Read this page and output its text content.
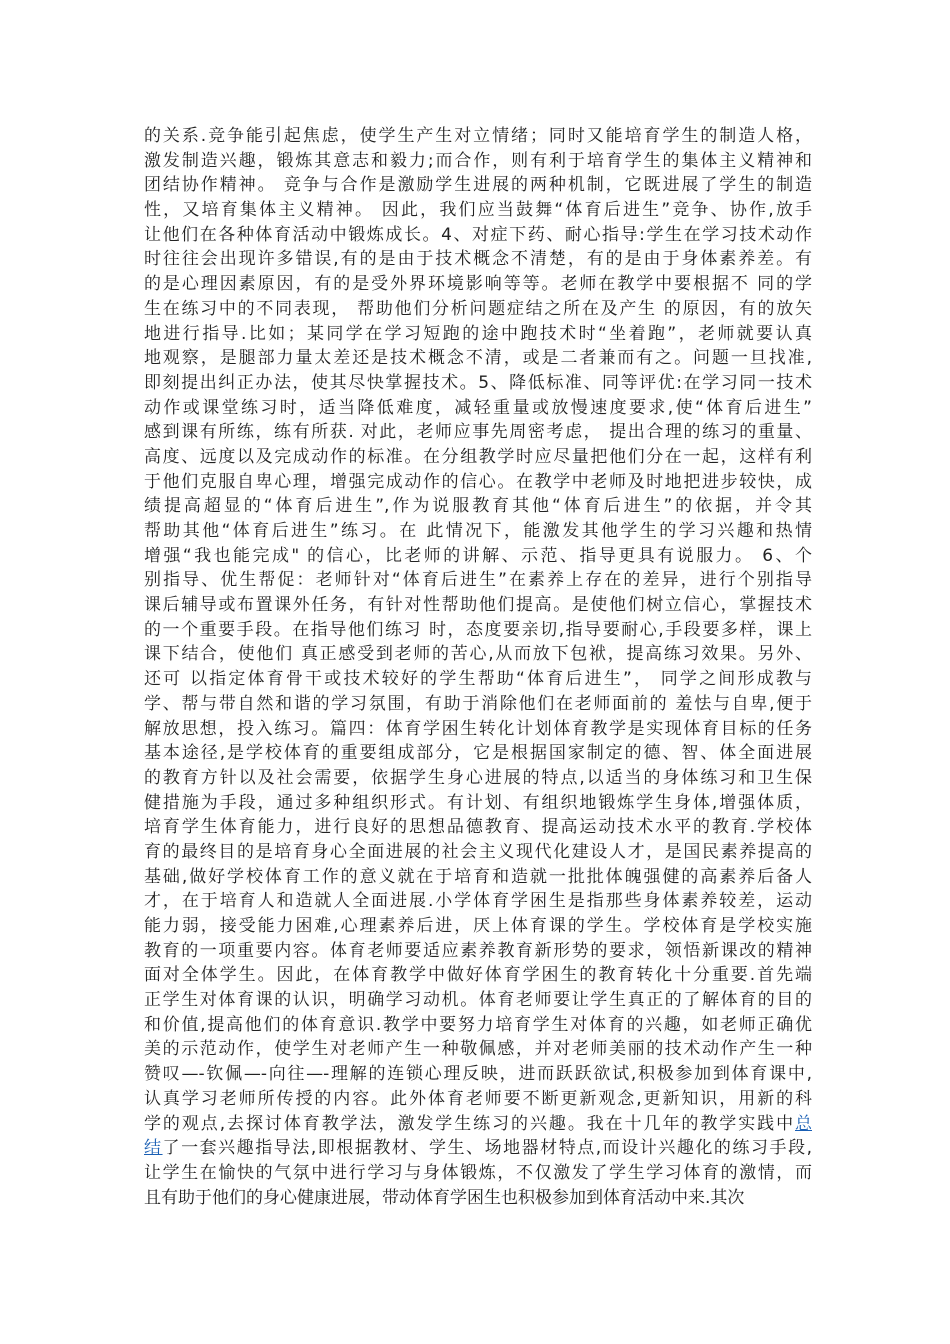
的关系.竞争能引起焦虑，使学生产生对立情绪；同时又能培育学生的制造人格，
激发制造兴趣，锻炼其意志和毅力;而合作，则有利于培育学生的集体主义精神和
团结协作精神。 竞争与合作是激励学生进展的两种机制，它既进展了学生的制造
性，又培育集体主义精神。 因此，我们应当鼓舞“体育后进生”竞争、协作,放手
让他们在各种体育活动中锻炼成长。4、对症下药、耐心指导:学生在学习技术动作
时往往会出现许多错误,有的是由于技术概念不清楚，有的是由于身体素养差。有
的是心理因素原因，有的是受外界环境影响等等。老师在教学中要根据不 同的学
生在练习中的不同表现， 帮助他们分析问题症结之所在及产生 的原因，有的放矢
地进行指导.比如；某同学在学习短跑的途中跑技术时“坐着跑”，老师就要认真
地观察，是腿部力量太差还是技术概念不清，或是二者兼而有之。问题一旦找准,
即刻提出纠正办法，使其尽快掌握技术。5、降低标准、同等评优:在学习同一技术
动作或课堂练习时，适当降低难度，减轻重量或放慢速度要求,使“体育后进生”
感到课有所练，练有所获. 对此，老师应事先周密考虑， 提出合理的练习的重量、
高度、远度以及完成动作的标准。在分组教学时应尽量把他们分在一起，这样有利
于他们克服自卑心理，增强完成动作的信心。在教学中老师及时地把进步较快，成
绩提高超显的“体育后进生”,作为说服教育其他“体育后进生”的依据，并令其
帮助其他“体育后进生”练习。在 此情况下，能激发其他学生的学习兴趣和热情
增强“我也能完成" 的信心，比老师的讲解、示范、指导更具有说服力。 6、个
别指导、优生帮促：老师针对“体育后进生”在素养上存在的差异，进行个别指导
课后辅导或布置课外任务，有针对性帮助他们提高。是使他们树立信心，掌握技术
的一个重要手段。在指导他们练习 时，态度要亲切,指导要耐心,手段要多样，课上
课下结合，使他们 真正感受到老师的苦心,从而放下包袱，提高练习效果。另外、
还可 以指定体育骨干或技术较好的学生帮助“体育后进生”， 同学之间形成教与
学、帮与带自然和谐的学习氛围，有助于消除他们在老师面前的 羞怯与自卑,便于
解放思想，投入练习。篇四：体育学困生转化计划体育教学是实现体育目标的任务
基本途径,是学校体育的重要组成部分，它是根据国家制定的德、智、体全面进展
的教育方针以及社会需要，依据学生身心进展的特点,以适当的身体练习和卫生保
健措施为手段，通过多种组织形式。有计划、有组织地锻炼学生身体,增强体质，
培育学生体育能力，进行良好的思想品德教育、提高运动技术水平的教育.学校体
育的最终目的是培育身心全面进展的社会主义现代化建设人才，是国民素养提高的
基础,做好学校体育工作的意义就在于培育和造就一批批体魄强健的高素养后备人
才，在于培育人和造就人全面进展.小学体育学困生是指那些身体素养较差，运动
能力弱，接受能力困难,心理素养后进，厌上体育课的学生。学校体育是学校实施
教育的一项重要内容。体育老师要适应素养教育新形势的要求，领悟新课改的精神
面对全体学生。因此，在体育教学中做好体育学困生的教育转化十分重要.首先端
正学生对体育课的认识，明确学习动机。体育老师要让学生真正的了解体育的目的
和价值,提高他们的体育意识.教学中要努力培育学生对体育的兴趣，如老师正确优
美的示范动作，使学生对老师产生一种敬佩感，并对老师美丽的技术动作产生一种
赞叹—-钦佩—-向往—-理解的连锁心理反映，进而跃跃欲试,积极参加到体育课中,
认真学习老师所传授的内容。此外体育老师要不断更新观念,更新知识，用新的科
学的观点,去探讨体育教学法，激发学生练习的兴趣。我在十几年的教学实践中总
结了一套兴趣指导法,即根据教材、学生、场地器材特点,而设计兴趣化的练习手段,
让学生在愉快的气氛中进行学习与身体锻炼，不仅激发了学生学习体育的激情，而
且有助于他们的身心健康进展，带动体育学困生也积极参加到体育活动中来.其次
